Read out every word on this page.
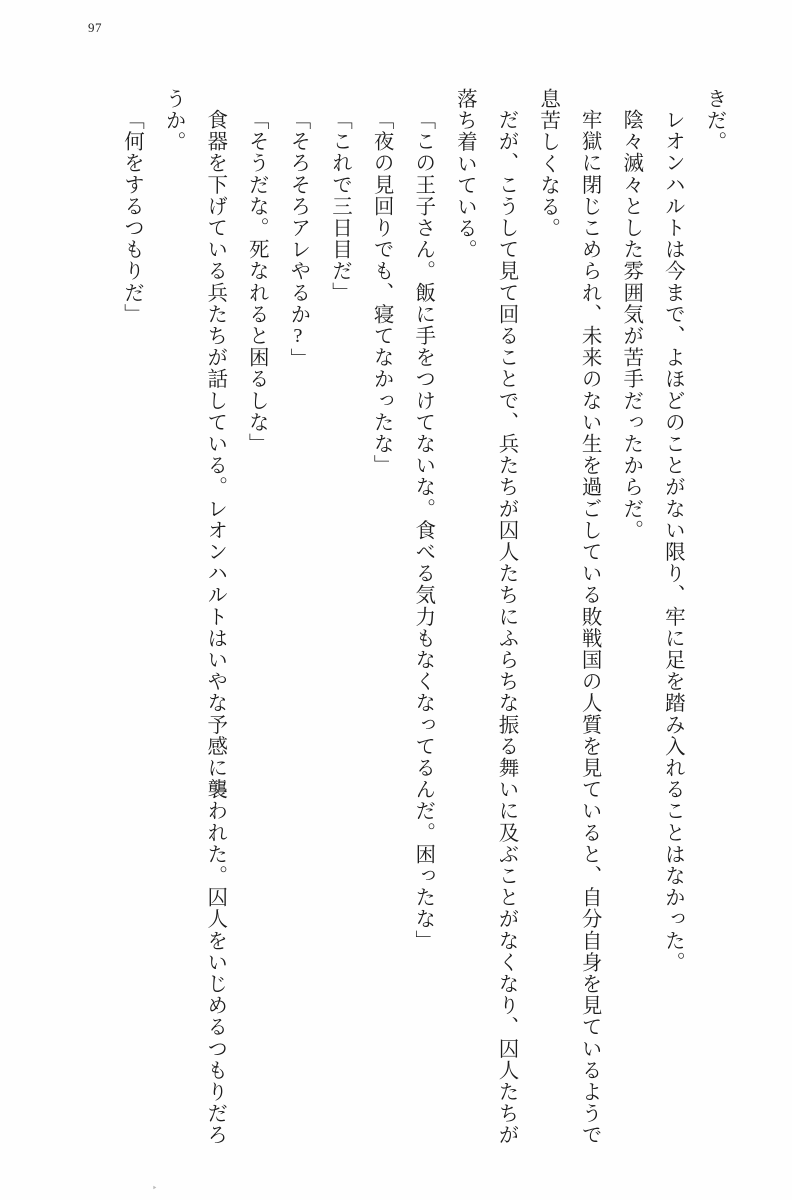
97

きだ。

レオンハルトは今まで、よほどのことがない限り、牢に足を踏み入れることはなかった。

陰々滅々とした雰囲気が苦手だったからだ。

牢獄に閉じこめられ、未来のない生を過ごしている敗戦国の人質を見ていると、自分自身を見ているようで息苦しくなる。

だが、こうして見て回ることで、兵たちが囚人たちにふらちな振る舞いに及ぶことがなくなり、囚人たちが落ち着いている。

「この王子さん。飯に手をつけてないな。食べる気力もなくなってるんだ。困ったな」

「夜の見回りでも、寝てなかったな」

「これで三日目だ」

「そろそろアレやるか?」

「そうだな。死なれると困るしな」

食器を下げている兵たちが話している。レオンハルトはいやな予感に襲われた。囚人をいじめるつもりだろうか。

「何をするつもりだ」

‣
